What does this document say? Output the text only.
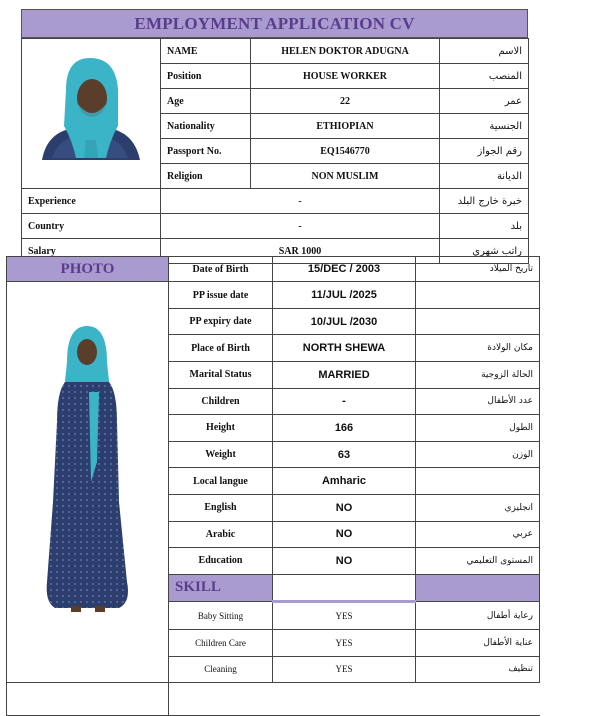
EMPLOYMENT APPLICATION CV
	NAME	HELEN DOKTOR ADUGNA	الاسم
	Position	HOUSE WORKER	المنصب
	Age	22	عمر
	Nationality	ETHIOPIAN	الجنسية
	Passport No.	EQ1546770	رقم الجواز
	Religion	NON MUSLIM	الديانة
Experience	-		خبرة خارج البلد
Country	-		بلد
Salary	SAR 1000		راتب شهري
PHOTO	Date of Birth	15/DEC / 2003	تاريخ الميلاد
	PP issue date	11/JUL /2025	
	PP expiry date	10/JUL /2030	
	Place of Birth	NORTH SHEWA	مكان الولادة
	Marital Status	MARRIED	الحالة الزوجية
	Children	-	عدد الأطفال
	Height	166	الطول
	Weight	63	الوزن
	Local langue	Amharic	
	English	NO	انجليزي
	Arabic	NO	عربي
	Education	NO	المستوى التعليمي
	SKILL		
	Baby Sitting	YES	رعاية أطفال
	Children Care	YES	عناية الأطفال
	Cleaning	YES	تنظيف
